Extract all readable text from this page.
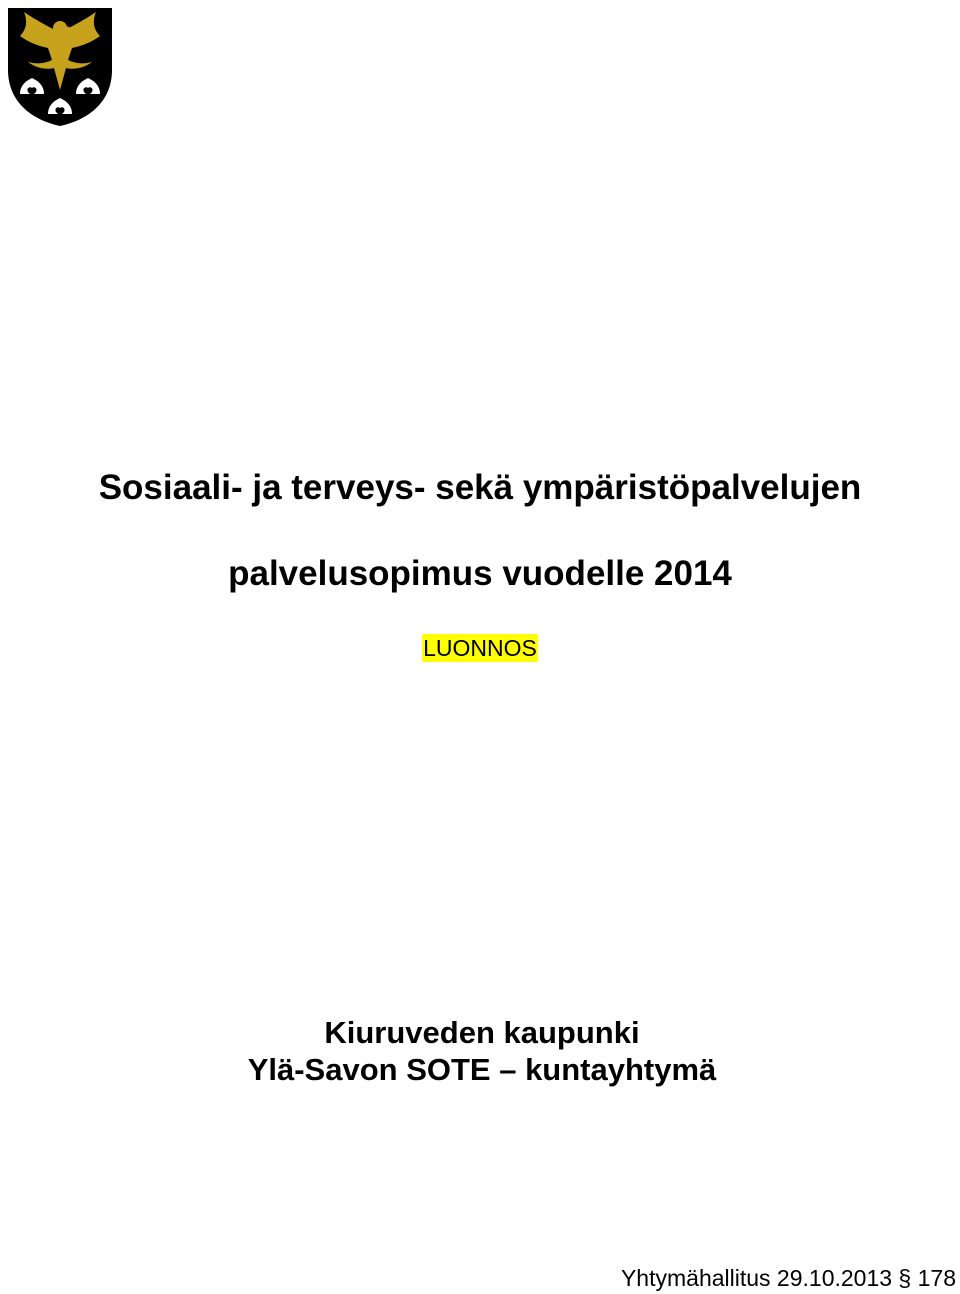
Sosiaali- ja terveys- sekä ympäristöpalvelujen
palvelusopimus vuodelle 2014
LUONNOS
Kiuruveden kaupunki
Ylä-Savon SOTE – kuntayhtymä
Yhtymähallitus 29.10.2013 § 178
